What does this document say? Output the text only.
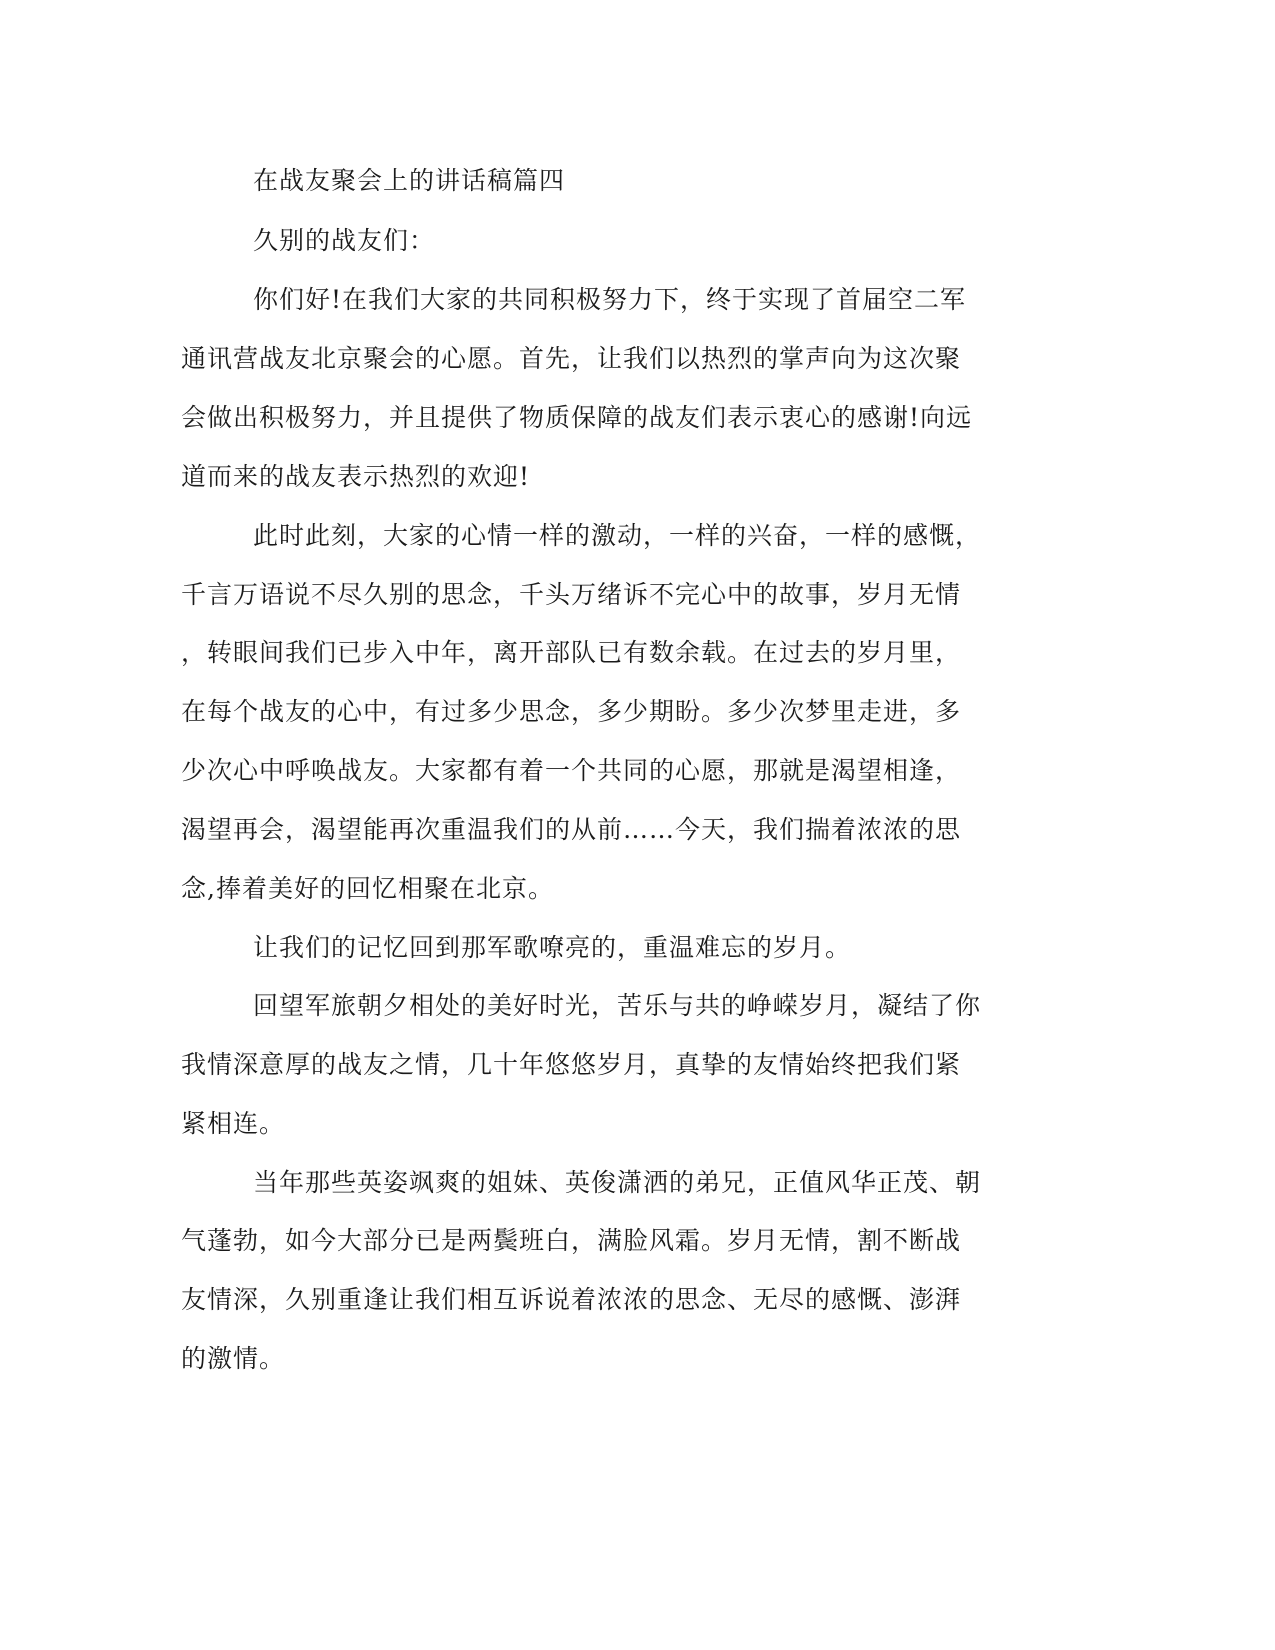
在战友聚会上的讲话稿篇四
久别的战友们：
你们好!在我们大家的共同积极努力下，终于实现了首届空二军
通讯营战友北京聚会的心愿。首先，让我们以热烈的掌声向为这次聚
会做出积极努力，并且提供了物质保障的战友们表示衷心的感谢!向远
道而来的战友表示热烈的欢迎!
此时此刻，大家的心情一样的激动，一样的兴奋，一样的感慨，
千言万语说不尽久别的思念，千头万绪诉不完心中的故事，岁月无情
，转眼间我们已步入中年，离开部队已有数余载。在过去的岁月里，
在每个战友的心中，有过多少思念，多少期盼。多少次梦里走进，多
少次心中呼唤战友。大家都有着一个共同的心愿，那就是渴望相逢，
渴望再会，渴望能再次重温我们的从前……今天，我们揣着浓浓的思
念,捧着美好的回忆相聚在北京。
让我们的记忆回到那军歌嘹亮的，重温难忘的岁月。
回望军旅朝夕相处的美好时光，苦乐与共的峥嵘岁月，凝结了你
我情深意厚的战友之情，几十年悠悠岁月，真挚的友情始终把我们紧
紧相连。
当年那些英姿飒爽的姐妹、英俊潇洒的弟兄，正值风华正茂、朝
气蓬勃，如今大部分已是两鬓班白，满脸风霜。岁月无情，割不断战
友情深，久别重逢让我们相互诉说着浓浓的思念、无尽的感慨、澎湃
的激情。
